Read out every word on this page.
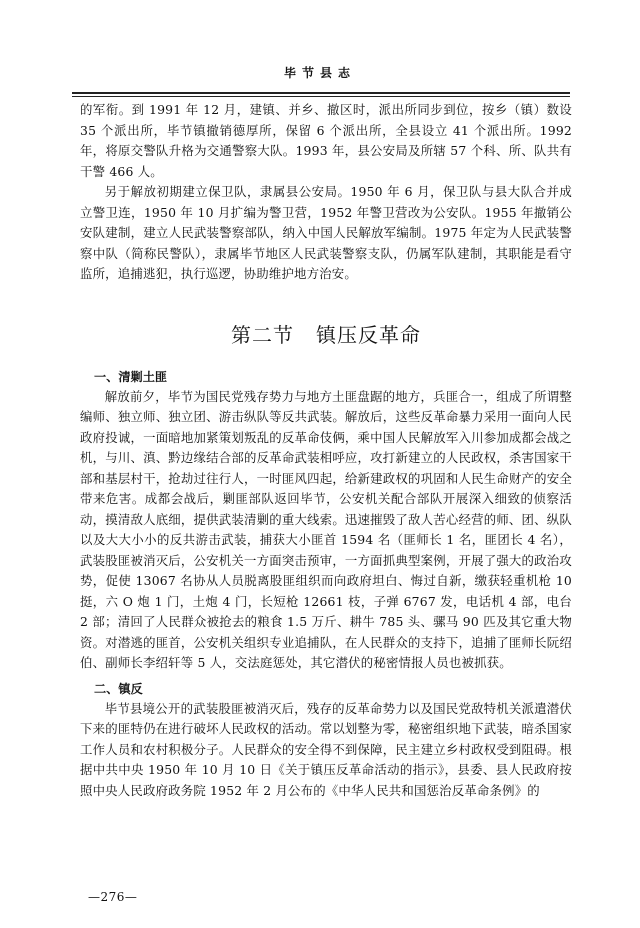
毕节县志

的军衔。到 1991 年 12 月，建镇、并乡、撤区时，派出所同步到位，按乡（镇）数设 35 个派出所，毕节镇撤销德厚所，保留 6 个派出所，全县设立 41 个派出所。1992 年，将原交警队升格为交通警察大队。1993 年，县公安局及所辖 57 个科、所、队共有干警 466 人。

另于解放初期建立保卫队，隶属县公安局。1950 年 6 月，保卫队与县大队合并成立警卫连，1950 年 10 月扩编为警卫营，1952 年警卫营改为公安队。1955 年撤销公安队建制，建立人民武装警察部队，纳入中国人民解放军编制。1975 年定为人民武装警察中队（简称民警队），隶属毕节地区人民武装警察支队，仍属军队建制，其职能是看守监所，追捕逃犯，执行巡逻，协助维护地方治安。

第二节 镇压反革命
一、清剿土匪

解放前夕，毕节为国民党残存势力与地方土匪盘踞的地方，兵匪合一，组成了所谓整编师、独立师、独立团、游击纵队等反共武装。解放后，这些反革命暴力采用一面向人民政府投诚，一面暗地加紧策划叛乱的反革命伎俩，乘中国人民解放军入川参加成都会战之机，与川、滇、黔边缘结合部的反革命武装相呼应，攻打新建立的人民政权，杀害国家干部和基层村干，抢劫过往行人，一时匪风四起，给新建政权的巩固和人民生命财产的安全带来危害。成都会战后，剿匪部队返回毕节，公安机关配合部队开展深入细致的侦察活动，摸清敌人底细，提供武装清剿的重大线索。迅速摧毁了敌人苦心经营的师、团、纵队以及大大小小的反共游击武装，捕获大小匪首 1594 名（匪师长 1 名，匪团长 4 名），武装股匪被消灭后，公安机关一方面突击预审，一方面抓典型案例，开展了强大的政治攻势，促使 13067 名协从人员脱离股匪组织而向政府坦白、悔过自新，缴获轻重机枪 10 挺，六 O 炮 1 门，土炮 4 门，长短枪 12661 枝，子弹 6767 发，电话机 4 部，电台 2 部；清回了人民群众被抢去的粮食 1.5 万斤、耕牛 785 头、骡马 90 匹及其它重大物资。对潜逃的匪首，公安机关组织专业追捕队，在人民群众的支持下，追捕了匪师长阮绍伯、副师长李绍轩等 5 人，交法庭惩处，其它潜伏的秘密情报人员也被抓获。

二、镇反

毕节县境公开的武装股匪被消灭后，残存的反革命势力以及国民党敌特机关派遣潜伏下来的匪特仍在进行破坏人民政权的活动。常以划整为零，秘密组织地下武装，暗杀国家工作人员和农村积极分子。人民群众的安全得不到保障，民主建立乡村政权受到阻碍。根据中共中央 1950 年 10 月 10 日《关于镇压反革命活动的指示》，县委、县人民政府按照中央人民政府政务院 1952 年 2 月公布的《中华人民共和国惩治反革命条例》的

—276—
